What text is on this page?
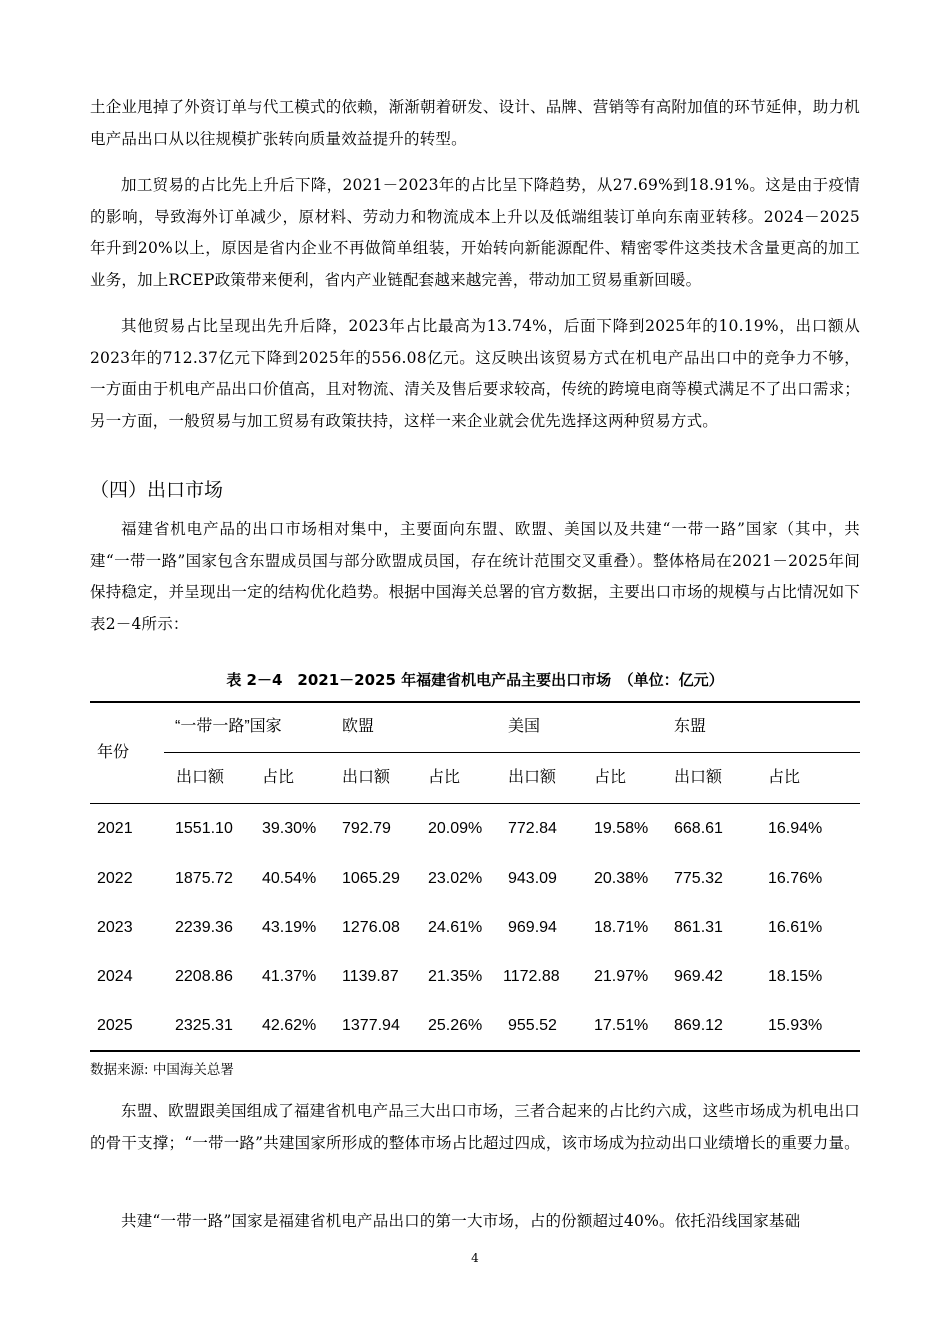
土企业甩掉了外资订单与代工模式的依赖，渐渐朝着研发、设计、品牌、营销等有高附加值的环节延伸，助力机电产品出口从以往规模扩张转向质量效益提升的转型。

加工贸易的占比先上升后下降，2021－2023年的占比呈下降趋势，从27.69%到18.91%。这是由于疫情的影响，导致海外订单减少，原材料、劳动力和物流成本上升以及低端组装订单向东南亚转移。2024－2025年升到20%以上，原因是省内企业不再做简单组装，开始转向新能源配件、精密零件这类技术含量更高的加工业务，加上RCEP政策带来便利，省内产业链配套越来越完善，带动加工贸易重新回暖。

其他贸易占比呈现出先升后降，2023年占比最高为13.74%，后面下降到2025年的10.19%，出口额从2023年的712.37亿元下降到2025年的556.08亿元。这反映出该贸易方式在机电产品出口中的竞争力不够，一方面由于机电产品出口价值高，且对物流、清关及售后要求较高，传统的跨境电商等模式满足不了出口需求；另一方面，一般贸易与加工贸易有政策扶持，这样一来企业就会优先选择这两种贸易方式。

（四）出口市场

福建省机电产品的出口市场相对集中，主要面向东盟、欧盟、美国以及共建“一带一路”国家（其中，共建“一带一路”国家包含东盟成员国与部分欧盟成员国，存在统计范围交叉重叠）。整体格局在2021－2025年间保持稳定，并呈现出一定的结构优化趋势。根据中国海关总署的官方数据，主要出口市场的规模与占比情况如下表2－4所示：

表 2－4　2021－2025 年福建省机电产品主要出口市场　（单位：亿元）

年份
“一带一路”国家	欧盟	美国	东盟
出口额 占比	出口额 占比	出口额 占比	出口额	占比
2021	1551.10 39.30% 792.79 20.09% 772.84 19.58% 668.61	16.94%
2022	1875.72 40.54% 1065.29 23.02% 943.09 20.38% 775.32	16.76%
2023	2239.36 43.19% 1276.08 24.61% 969.94 18.71% 861.31	16.61%
2024	2208.86 41.37% 1139.87 21.35% 1172.88 21.97% 969.42	18.15%
2025	2325.31 42.62% 1377.94 25.26% 955.52 17.51% 869.12	15.93%

数据来源: 中国海关总署

东盟、欧盟跟美国组成了福建省机电产品三大出口市场，三者合起来的占比约六成，这些市场成为机电出口的骨干支撑；“一带一路”共建国家所形成的整体市场占比超过四成，该市场成为拉动出口业绩增长的重要力量。

共建“一带一路”国家是福建省机电产品出口的第一大市场，占的份额超过40%。依托沿线国家基础

4
